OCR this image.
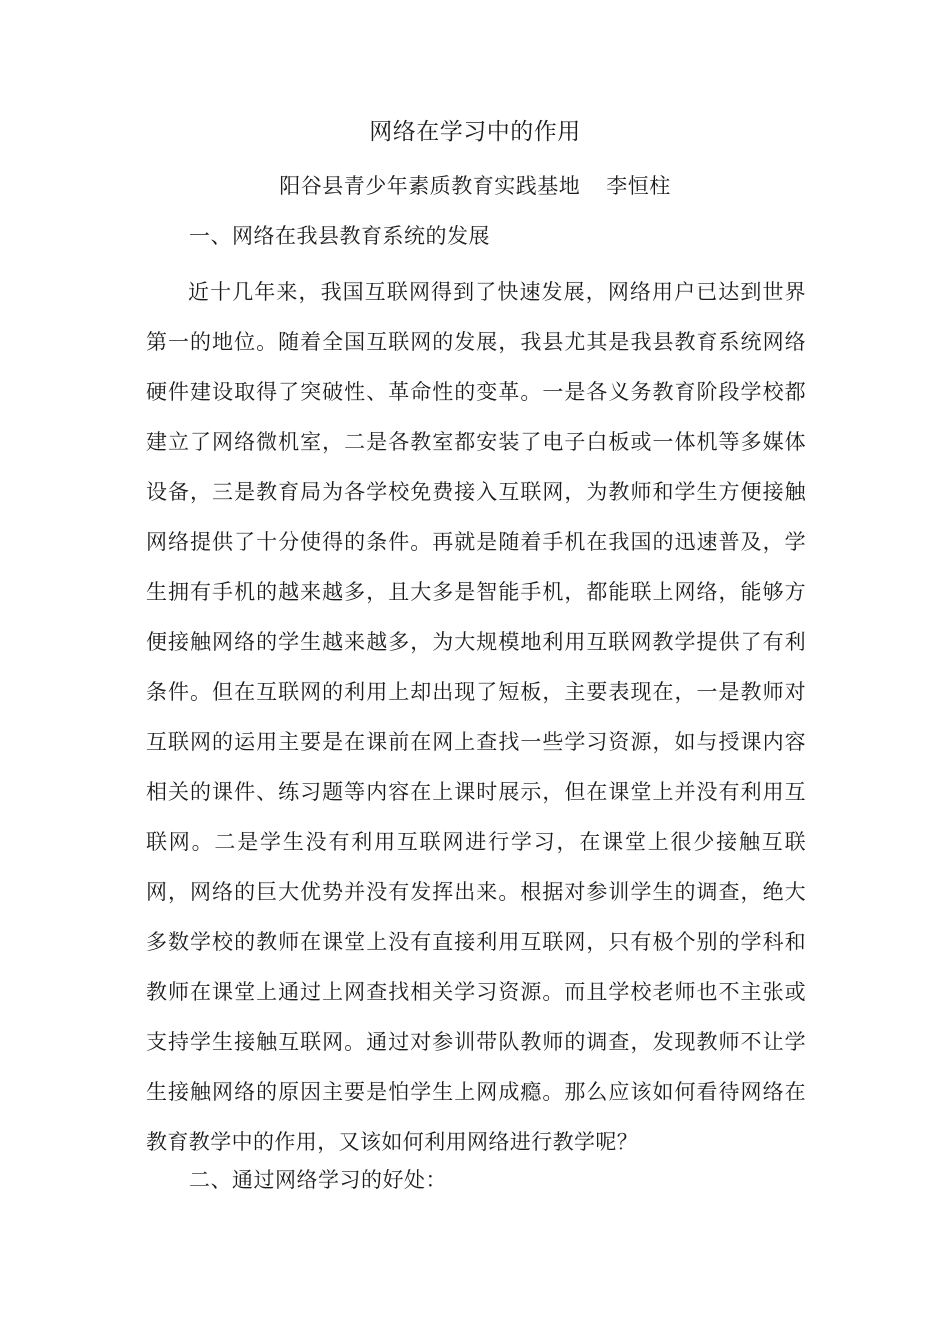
网络在学习中的作用
阳谷县青少年素质教育实践基地 李恒柱
一、网络在我县教育系统的发展

近十几年来，我国互联网得到了快速发展，网络用户已达到世界第一的地位。随着全国互联网的发展，我县尤其是我县教育系统网络硬件建设取得了突破性、革命性的变革。一是各义务教育阶段学校都建立了网络微机室，二是各教室都安装了电子白板或一体机等多媒体设备，三是教育局为各学校免费接入互联网，为教师和学生方便接触网络提供了十分使得的条件。再就是随着手机在我国的迅速普及，学生拥有手机的越来越多，且大多是智能手机，都能联上网络，能够方便接触网络的学生越来越多，为大规模地利用互联网教学提供了有利条件。但在互联网的利用上却出现了短板，主要表现在，一是教师对互联网的运用主要是在课前在网上查找一些学习资源，如与授课内容相关的课件、练习题等内容在上课时展示，但在课堂上并没有利用互联网。二是学生没有利用互联网进行学习，在课堂上很少接触互联网，网络的巨大优势并没有发挥出来。根据对参训学生的调查，绝大多数学校的教师在课堂上没有直接利用互联网，只有极个别的学科和教师在课堂上通过上网查找相关学习资源。而且学校老师也不主张或支持学生接触互联网。通过对参训带队教师的调查，发现教师不让学生接触网络的原因主要是怕学生上网成瘾。那么应该如何看待网络在教育教学中的作用，又该如何利用网络进行教学呢？

二、通过网络学习的好处：
